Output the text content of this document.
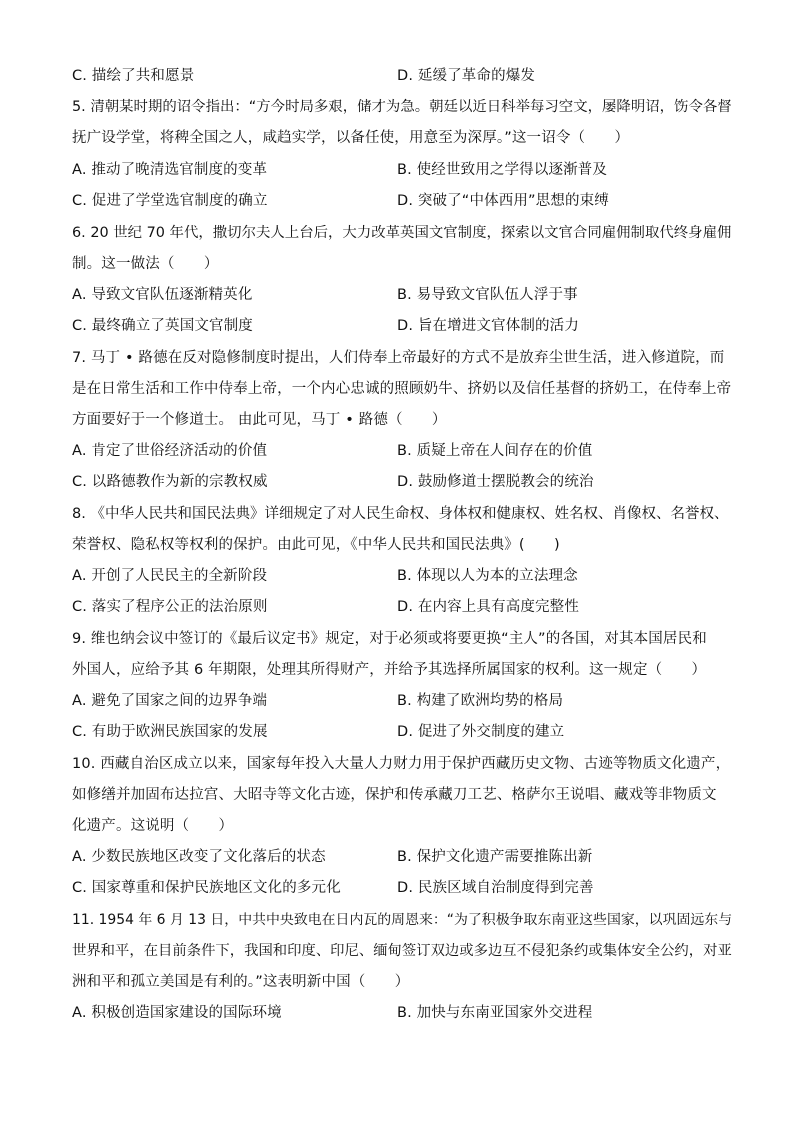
C. 描绘了共和愿景	D. 延缓了革命的爆发
5. 清朝某时期的诏令指出：“方今时局多艰，储才为急。朝廷以近日科举每习空文，屡降明诏，饬令各督
抚广设学堂，将稗全国之人，咸趋实学，以备任使，用意至为深厚。”这一诏令（　　）
A. 推动了晚清选官制度的变革	B. 使经世致用之学得以逐渐普及
C. 促进了学堂选官制度的确立	D. 突破了“中体西用”思想的束缚
6. 20 世纪 70 年代，撒切尔夫人上台后，大力改革英国文官制度，探索以文官合同雇佣制取代终身雇佣
制。这一做法（　　）
A. 导致文官队伍逐渐精英化	B. 易导致文官队伍人浮于事
C. 最终确立了英国文官制度	D. 旨在增进文官体制的活力
7. 马丁 • 路德在反对隐修制度时提出，人们侍奉上帝最好的方式不是放弃尘世生活，进入修道院，而
是在日常生活和工作中侍奉上帝，一个内心忠诚的照顾奶牛、挤奶以及信任基督的挤奶工，在侍奉上帝
方面要好于一个修道士。 由此可见，马丁 • 路德（　　）
A. 肯定了世俗经济活动的价值	B. 质疑上帝在人间存在的价值
C. 以路德教作为新的宗教权威	D. 鼓励修道士摆脱教会的统治
8. 《中华人民共和国民法典》详细规定了对人民生命权、身体权和健康权、姓名权、肖像权、名誉权、
荣誉权、隐私权等权利的保护。由此可见，《中华人民共和国民法典》(　　)
A. 开创了人民民主的全新阶段	B. 体现以人为本的立法理念
C. 落实了程序公正的法治原则	D. 在内容上具有高度完整性
9. 维也纳会议中签订的《最后议定书》规定，对于必须或将要更换“主人”的各国，对其本国居民和
外国人，应给予其 6 年期限，处理其所得财产，并给予其选择所属国家的权利。这一规定（　　）
A. 避免了国家之间的边界争端	B. 构建了欧洲均势的格局
C. 有助于欧洲民族国家的发展	D. 促进了外交制度的建立
10. 西藏自治区成立以来，国家每年投入大量人力财力用于保护西藏历史文物、古迹等物质文化遗产，
如修缮并加固布达拉宫、大昭寺等文化古迹，保护和传承藏刀工艺、格萨尔王说唱、藏戏等非物质文
化遗产。这说明（　　）
A. 少数民族地区改变了文化落后的状态	B. 保护文化遗产需要推陈出新
C. 国家尊重和保护民族地区文化的多元化	D. 民族区域自治制度得到完善
11. 1954 年 6 月 13 日，中共中央致电在日内瓦的周恩来：“为了积极争取东南亚这些国家，以巩固远东与
世界和平，在目前条件下，我国和印度、印尼、缅甸签订双边或多边互不侵犯条约或集体安全公约，对亚
洲和平和孤立美国是有利的。”这表明新中国（　　）
A. 积极创造国家建设的国际环境	B. 加快与东南亚国家外交进程
